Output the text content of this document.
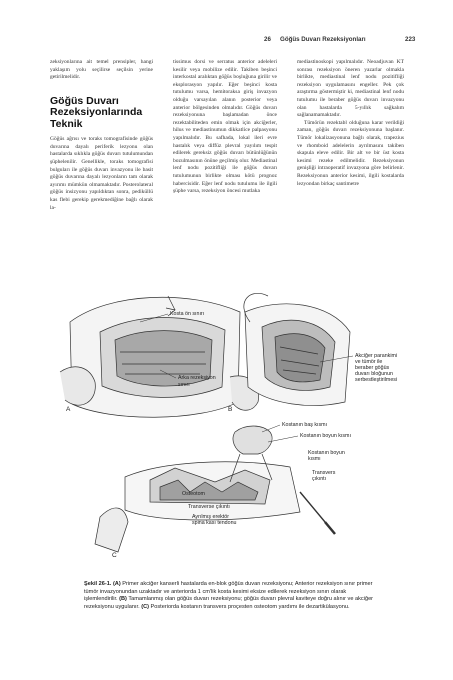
26 Göğüs Duvarı Rezeksiyonları	223

zeksiyonlarına ait temel prensipler, hangi yaklaşım yolu seçilirse seçilsin yerine getirilmelidir.

Göğüs Duvarı Rezeksiyonlarında Teknik

Göğüs ağrısı ve toraks tomografisinde göğüs duvarına dayalı periferik lezyonu olan hastalarda sıklıkla göğüs duvarı tutulumundan şüphelenilir. Genellikle, toraks tomografisi bulguları ile göğüs duvarı invazyonu ile basit göğüs duvarına dayalı lezyonların tam olarak ayırımı mümkün olmamaktadır. Posterolateral göğüs insizyonu yapıldıktan sonra, pediküllü kas flebi gerekip gerekmediğine bağlı olarak la-

tissimus dorsi ve serratus anterior adeleleri kesilir veya mobilize edilir. Takiben beşinci interkostal aralıktan göğüs boşluğuna girilir ve eksplorasyon yapılır. Eğer beşinci kosta tutulumu varsa, hemitoraksa giriş invazyon olduğu varsayılan alanın posterior veya anterior bölgesinden olmalıdır. Göğüs duvarı rezeksiyonuna başlamadan önce rezektabiliteden emin olmak için akciğerler, hilus ve mediastinumun dikkatlice palpasyonu yapılmalıdır. Bu safhada, lokal ileri evre hastalık veya diffüz plevral yayılım tespit edilerek gereksiz göğüs duvarı bütünlüğünün bozulmasının önüne geçilmiş olur. Mediastinal lenf nodu pozitifliği ile göğüs duvarı tutulumunun birlikte olması kötü prognoz habercisidir. Eğer lenf nodu tutulumu ile ilgili şüphe varsa, rezeksiyon öncesi mutlaka

mediastinoskopi yapılmalıdır. Neoadjuvan KT sonrası rezeksiyon öneren yazarlar olmakla birlikte, mediastinal lenf nodu pozitifliği rezeksiyon uygulamasını engeller. Pek çok araştırma göstermiştir ki, mediastinal lenf nodu tutulumu ile beraber göğüs duvarı invazyonu olan hastalarda 5-yıllık sağkalım sağlanamamaktadır.

Tümörün rezektabl olduğuna karar verildiği zaman, göğüs duvarı rezeksiyonuna başlanır. Tümör lokalizasyonuna bağlı olarak, trapezius ve rhomboid adelelerin ayrılmasını takiben skapula eleve edilir. Bir alt ve bir üst kosta kesimi rezeke edilmelidir. Rezeksiyonun genişliği intraoperatif invazyona göre belirlenir. Rezeksiyonun anterior kesimi, ilgili kostalarda lezyondan birkaç santimetre

A
Kosta ön sınırı
Arka rezeksiyon
sınırı
B
Akciğer parankimi
ve tümör ile
beraber göğüs
duvarı bloğunun
serbestleştirilmesi
C
Kostanın baş kısmı
Kostanın boyun kısmı
Kostanın boyun
kısmı
Transvers
çıkıntı
Osteotom
Transverse çıkıntı
Ayrılmış erektör
spina kası tendonu
Şekil 26-1. (A) Primer akciğer kanserli hastalarda en-blok göğüs duvarı rezeksiyonu; Anterior rezeksiyon sınır primer tümör invazyonundan uzaktadır ve anteriorda 1 cm'lik kosta kesimi eksize edilerek rezeksiyon sınırı olarak işlemlendirilir. (B) Tamamlanmış olan göğüs duvarı rezeksiyonu; göğüs duvarı plevral kaviteye doğru alınır ve akciğer rezeksiyonu uygulanır. (C) Posteriorda kostanın transvers proçesten osteotom yardımı ile dezartikülasyonu.
